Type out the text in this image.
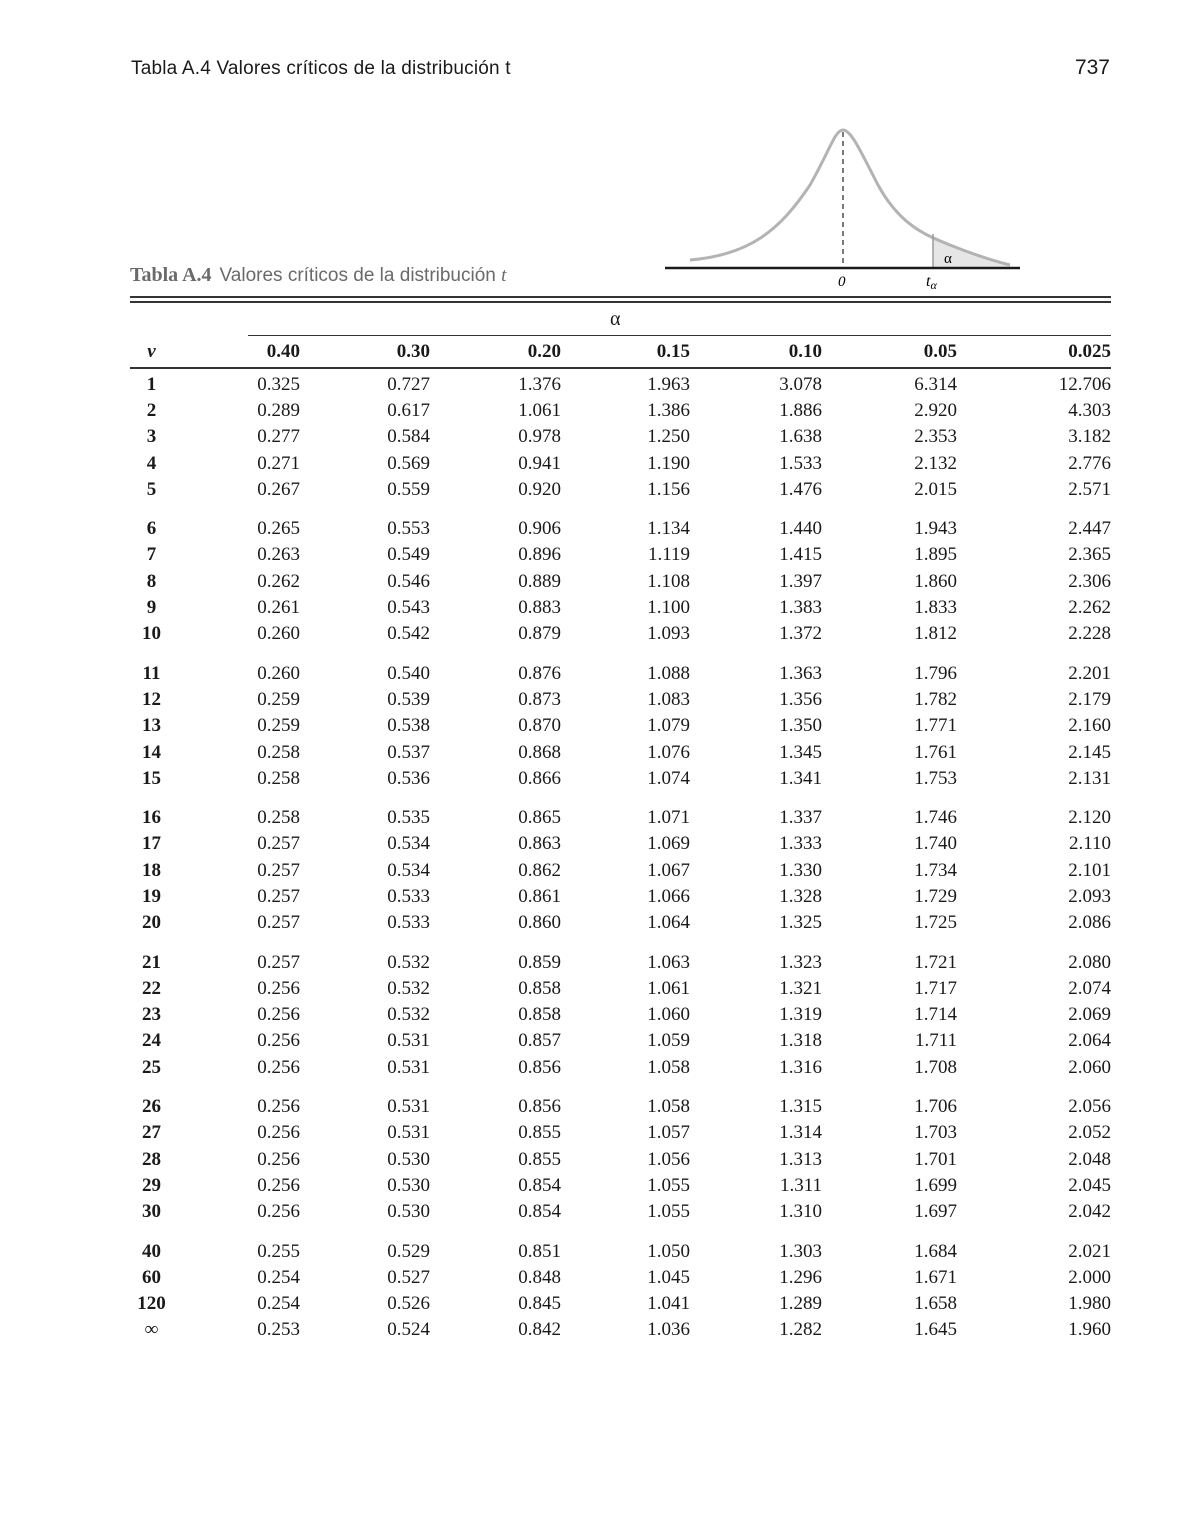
Tabla A.4 Valores críticos de la distribución t	737
α
0	tα
Tabla A.4 Valores críticos de la distribución t
α
v	0.40	0.30	0.20	0.15	0.10	0.05	0.025
1	0.325	0.727	1.376	1.963	3.078	6.314	12.706
2	0.289	0.617	1.061	1.386	1.886	2.920	4.303
3	0.277	0.584	0.978	1.250	1.638	2.353	3.182
4	0.271	0.569	0.941	1.190	1.533	2.132	2.776
5	0.267	0.559	0.920	1.156	1.476	2.015	2.571
6	0.265	0.553	0.906	1.134	1.440	1.943	2.447
7	0.263	0.549	0.896	1.119	1.415	1.895	2.365
8	0.262	0.546	0.889	1.108	1.397	1.860	2.306
9	0.261	0.543	0.883	1.100	1.383	1.833	2.262
10	0.260	0.542	0.879	1.093	1.372	1.812	2.228
11	0.260	0.540	0.876	1.088	1.363	1.796	2.201
12	0.259	0.539	0.873	1.083	1.356	1.782	2.179
13	0.259	0.538	0.870	1.079	1.350	1.771	2.160
14	0.258	0.537	0.868	1.076	1.345	1.761	2.145
15	0.258	0.536	0.866	1.074	1.341	1.753	2.131
16	0.258	0.535	0.865	1.071	1.337	1.746	2.120
17	0.257	0.534	0.863	1.069	1.333	1.740	2.110
18	0.257	0.534	0.862	1.067	1.330	1.734	2.101
19	0.257	0.533	0.861	1.066	1.328	1.729	2.093
20	0.257	0.533	0.860	1.064	1.325	1.725	2.086
21	0.257	0.532	0.859	1.063	1.323	1.721	2.080
22	0.256	0.532	0.858	1.061	1.321	1.717	2.074
23	0.256	0.532	0.858	1.060	1.319	1.714	2.069
24	0.256	0.531	0.857	1.059	1.318	1.711	2.064
25	0.256	0.531	0.856	1.058	1.316	1.708	2.060
26	0.256	0.531	0.856	1.058	1.315	1.706	2.056
27	0.256	0.531	0.855	1.057	1.314	1.703	2.052
28	0.256	0.530	0.855	1.056	1.313	1.701	2.048
29	0.256	0.530	0.854	1.055	1.311	1.699	2.045
30	0.256	0.530	0.854	1.055	1.310	1.697	2.042
40	0.255	0.529	0.851	1.050	1.303	1.684	2.021
60	0.254	0.527	0.848	1.045	1.296	1.671	2.000
120	0.254	0.526	0.845	1.041	1.289	1.658	1.980
∞	0.253	0.524	0.842	1.036	1.282	1.645	1.960
